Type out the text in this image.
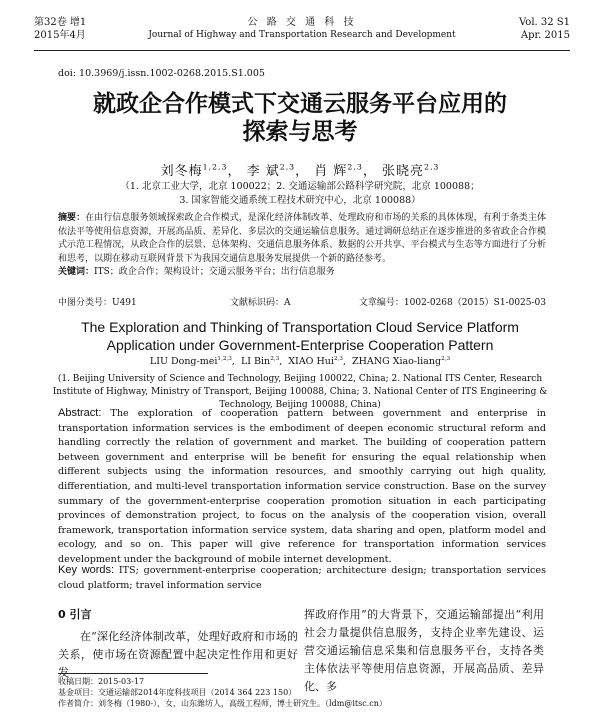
第32卷 增1
2015年4月
公 路 交 通 科 技
Journal of Highway and Transportation Research and Development
Vol. 32 S1
Apr. 2015
doi: 10.3969/j.issn.1002-0268.2015.S1.005
就政企合作模式下交通云服务平台应用的
探索与思考
刘冬梅$^{1,2,3}$， 李 斌$^{2,3}$， 肖 辉$^{2,3}$， 张晓亮$^{2,3}$
（1. 北京工业大学，北京 100022；2. 交通运输部公路科学研究院，北京 100088；
3. 国家智能交通系统工程技术研究中心，北京 100088）
摘要：在由行信息服务领域探索政企合作模式，是深化经济体制改革、处理政府和市场的关系的具体体现，有利于条类主体依法平等使用信息资源，开展高品质、差异化、多层次的交通运输信息服务。通过调研总结正在逐步推进的多省政企合作模式示范工程情况，从政企合作的层景、总体架构、交通信息服务体系、数据的公开共享、平台模式与生态等方面进行了分析和思考，以期在移动互联网背景下为我国交通信息服务发展提供一个新的路径参考。
关键词：ITS；政企合作；架构设计；交通云服务平台；出行信息服务
中图分类号：U491	文献标识码：A	文章编号：1002-0268（2015）S1-0025-03
The Exploration and Thinking of Transportation Cloud Service Platform
Application under Government-Enterprise Cooperation Pattern
LIU Dong-mei$^{1,2,3}$,  LI Bin$^{2,3}$,  XIAO Hui$^{2,3}$,  ZHANG Xiao-liang$^{2,3}$
(1. Beijing University of Science and Technology, Beijing 100022, China; 2. National ITS Center, Research Institute of Highway, Ministry of Transport, Beijing 100088, China; 3. National Center of ITS Engineering & Technology, Beijing 100088, China)
Abstract: The exploration of cooperation pattern between government and enterprise in transportation information services is the embodiment of deepen economic structural reform and handling correctly the relation of government and market. The building of cooperation pattern between government and enterprise will be benefit for ensuring the equal relationship when different subjects using the information resources, and smoothly carrying out high quality, differentiation, and multi-level transportation information service construction. Base on the survey summary of the government-enterprise cooperation promotion situation in each participating provinces of demonstration project, to focus on the analysis of the cooperation vision, overall framework, transportation information service system, data sharing and open, platform model and ecology, and so on. This paper will give reference for transportation information services development under the background of mobile internet development.
Key words: ITS; government-enterprise cooperation; architecture design; transportation services cloud platform; travel information service
0 引言
在“深化经济体制改革，处理好政府和市场的关系，使市场在资源配置中起决定性作用和更好发
挥政府作用”的大背景下，交通运输部提出“利用社会力量提供信息服务，支持企业率先建设、运营交通运输信息采集和信息服务平台，支持各类主体依法平等使用信息资源，开展高品质、差异化、多
收稿日期：2015-03-17
基金项目：交通运输部2014年度科技项目（2014 364 223 150）
作者简介：刘冬梅（1980-），女，山东潍坊人，高级工程师，博士研究生。（ldm@itsc.cn）
